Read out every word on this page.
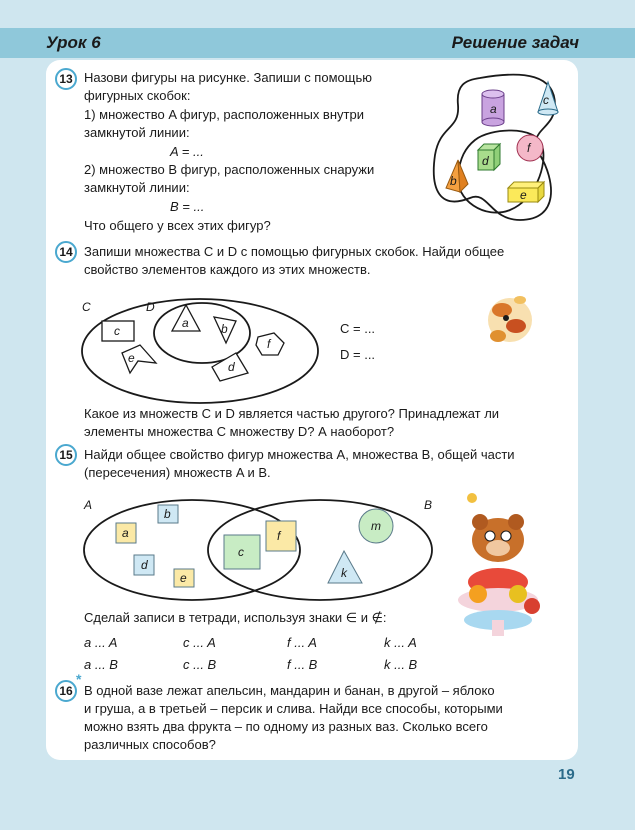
Урок 6	Решение задач
13 Назови фигуры на рисунке. Запиши с помощью
фигурных скобок:
1) множество A фигур, расположенных внутри
замкнутой линии:
A = ...
2) множество B фигур, расположенных снаружи
замкнутой линии:
B = ...
Что общего у всех этих фигур?
a
c
f
d
b
e
14 Запиши множества C и D с помощью фигурных скобок. Найди общее
свойство элементов каждого из этих множеств.
C	D
c
a	b
e
f
d
C = ...
D = ...
Какое из множеств C и D является частью другого? Принадлежат ли
элементы множества C множеству D? А наоборот?
15 Найди общее свойство фигур множества A, множества B, общей части
(пересечения) множеств A и B.
A	B
a
b
d
e
c
f
m
k
Сделай записи в тетради, используя знаки ∈ и ∉:
a ... A	c ... A	f ... A	k ... A
a ... B	c ... B	f ... B	k ... B
16
*
В одной вазе лежат апельсин, мандарин и банан, в другой – яблоко
и груша, а в третьей – персик и слива. Найди все способы, которыми
можно взять два фрукта – по одному из разных ваз. Сколько всего
различных способов?
19
